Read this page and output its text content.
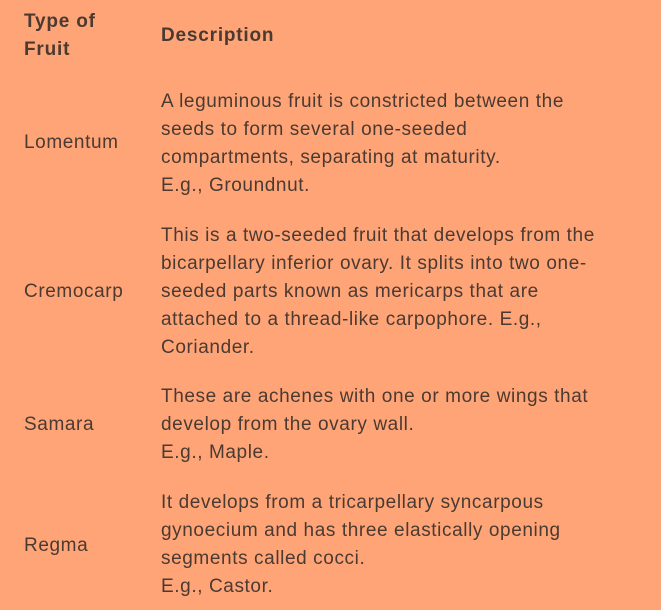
Type of
Fruit
Description
Lomentum
A leguminous fruit is constricted between the
seeds to form several one-seeded
compartments, separating at maturity.
E.g., Groundnut.
Cremocarp
This is a two-seeded fruit that develops from the
bicarpellary inferior ovary. It splits into two one-
seeded parts known as mericarps that are
attached to a thread-like carpophore. E.g.,
Coriander.
Samara
These are achenes with one or more wings that
develop from the ovary wall.
E.g., Maple.
Regma
It develops from a tricarpellary syncarpous
gynoecium and has three elastically opening
segments called cocci.
E.g., Castor.
